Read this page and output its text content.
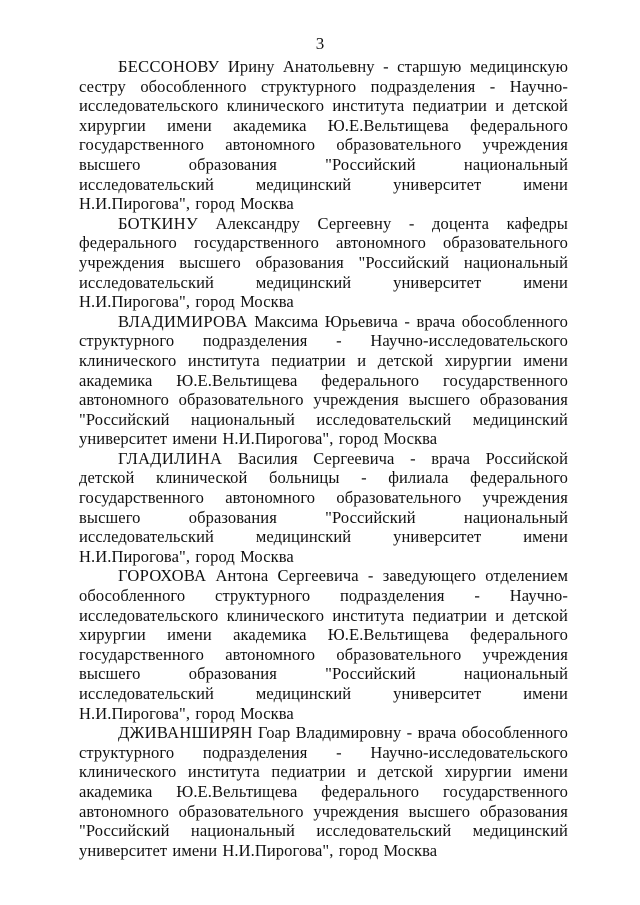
3

БЕССОНОВУ Ирину Анатольевну - старшую медицинскую сестру обособленного структурного подразделения - Научно-исследовательского клинического института педиатрии и детской хирургии имени академика Ю.Е.Вельтищева федерального государственного автономного образовательного учреждения высшего образования "Российский национальный исследовательский медицинский университет имени Н.И.Пирогова", город Москва

БОТКИНУ Александру Сергеевну - доцента кафедры федерального государственного автономного образовательного учреждения высшего образования "Российский национальный исследовательский медицинский университет имени Н.И.Пирогова", город Москва

ВЛАДИМИРОВА Максима Юрьевича - врача обособленного структурного подразделения - Научно-исследовательского клинического института педиатрии и детской хирургии имени академика Ю.Е.Вельтищева федерального государственного автономного образовательного учреждения высшего образования "Российский национальный исследовательский медицинский университет имени Н.И.Пирогова", город Москва

ГЛАДИЛИНА Василия Сергеевича - врача Российской детской клинической больницы - филиала федерального государственного автономного образовательного учреждения высшего образования "Российский национальный исследовательский медицинский университет имени Н.И.Пирогова", город Москва

ГОРОХОВА Антона Сергеевича - заведующего отделением обособленного структурного подразделения - Научно-исследовательского клинического института педиатрии и детской хирургии имени академика Ю.Е.Вельтищева федерального государственного автономного образовательного учреждения высшего образования "Российский национальный исследовательский медицинский университет имени Н.И.Пирогова", город Москва

ДЖИВАНШИРЯН Гоар Владимировну - врача обособленного структурного подразделения - Научно-исследовательского клинического института педиатрии и детской хирургии имени академика Ю.Е.Вельтищева федерального государственного автономного образовательного учреждения высшего образования "Российский национальный исследовательский медицинский университет имени Н.И.Пирогова", город Москва
